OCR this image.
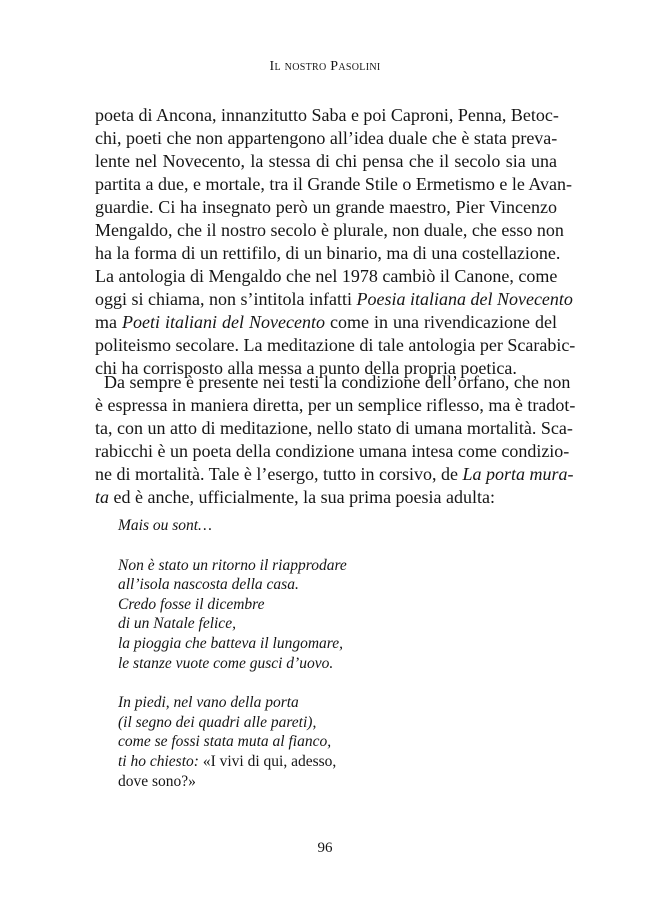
Il nostro Pasolini

poeta di Ancona, innanzitutto Saba e poi Caproni, Penna, Betoc-
chi, poeti che non appartengono all’idea duale che è stata preva-
lente nel Novecento, la stessa di chi pensa che il secolo sia una
partita a due, e mortale, tra il Grande Stile o Ermetismo e le Avan-
guardie. Ci ha insegnato però un grande maestro, Pier Vincenzo
Mengaldo, che il nostro secolo è plurale, non duale, che esso non
ha la forma di un rettifilo, di un binario, ma di una costellazione.
La antologia di Mengaldo che nel 1978 cambiò il Canone, come
oggi si chiama, non s’intitola infatti Poesia italiana del Novecento
ma Poeti italiani del Novecento come in una rivendicazione del
politeismo secolare. La meditazione di tale antologia per Scarabic-
chi ha corrisposto alla messa a punto della propria poetica.

Da sempre è presente nei testi la condizione dell’orfano, che non
è espressa in maniera diretta, per un semplice riflesso, ma è tradot-
ta, con un atto di meditazione, nello stato di umana mortalità. Sca-
rabicchi è un poeta della condizione umana intesa come condizio-
ne di mortalità. Tale è l’esergo, tutto in corsivo, de La porta mura-
ta ed è anche, ufficialmente, la sua prima poesia adulta:

Mais ou sont…
Non è stato un ritorno il riapprodare
all’isola nascosta della casa.
Credo fosse il dicembre
di un Natale felice,
la pioggia che batteva il lungomare,
le stanze vuote come gusci d’uovo.
In piedi, nel vano della porta
(il segno dei quadri alle pareti),
come se fossi stata muta al fianco,
ti ho chiesto: «I vivi di qui, adesso,
dove sono?»
96
